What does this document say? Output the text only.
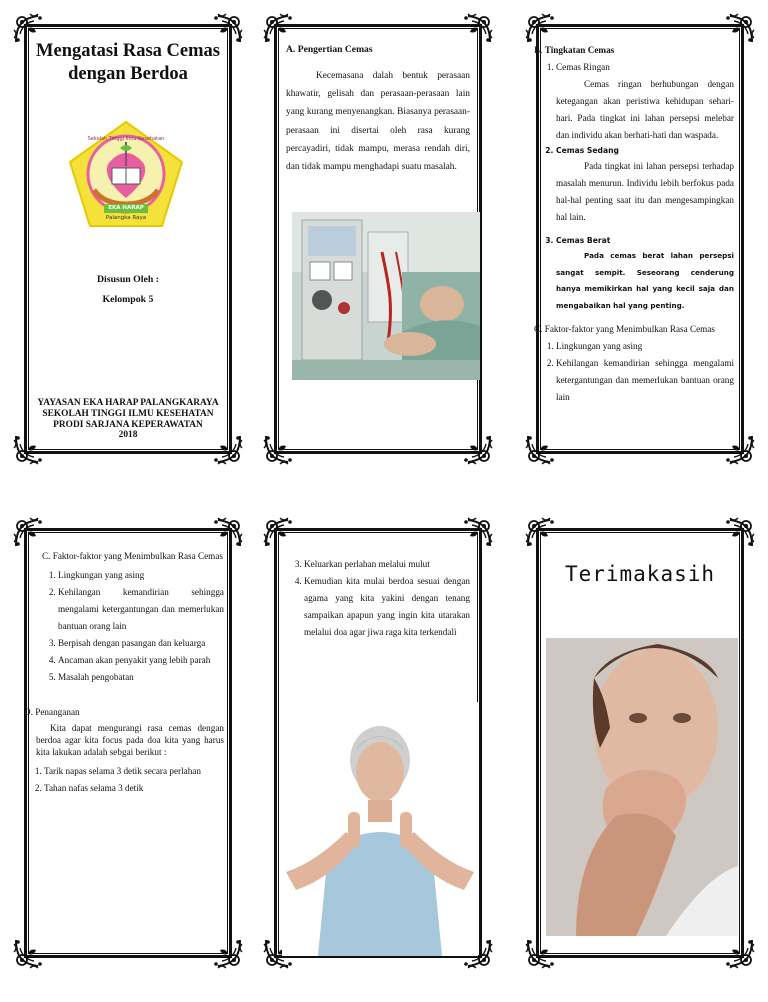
Mengatasi Rasa Cemas dengan Berdoa
EKA HARAP
Palangka Raya
Sekolah Tinggi Ilmu Kesehatan
Disusun Oleh :
Kelompok 5
YAYASAN EKA HARAP PALANGKARAYA
SEKOLAH TINGGI ILMU KESEHATAN
PRODI SARJANA KEPERAWATAN
2018
A. Pengertian Cemas
Kecemasana dalah bentuk perasaan khawatir, gelisah dan perasaan-perasaan lain yang kurang menyenangkan. Biasanya perasaan-perasaan ini disertai oleh rasa kurang percayadiri, tidak mampu, merasa rendah diri, dan tidak mampu menghadapi suatu masalah.
B. Tingkatan Cemas
1. Cemas Ringan
Cemas ringan berhubungan dengan ketegangan akan peristiwa kehidupan sehari-hari. Pada tingkat ini lahan persepsi melebar dan individu akan berhati-hati dan waspada.
2. Cemas Sedang
Pada tingkat ini lahan persepsi terhadap masalah menurun. Individu lebih berfokus pada hal-hal penting saat itu dan mengesampingkan hal lain.
3. Cemas Berat
Pada cemas berat lahan persepsi sangat sempit. Seseorang cenderung hanya memikirkan hal yang kecil saja dan mengabaikan hal yang penting.
C. Faktor-faktor yang Menimbulkan Rasa Cemas
1. Lingkungan yang asing
2. Kehilangan kemandirian sehingga mengalami ketergantungan dan memerlukan bantuan orang lain
C. Faktor-faktor yang Menimbulkan Rasa Cemas
1. Lingkungan yang asing
2. Kehilangan kemandirian sehingga mengalami ketergantungan dan memerlukan bantuan orang lain
3. Berpisah dengan pasangan dan keluarga
4. Ancaman akan penyakit yang lebih parah
5. Masalah pengobatan
D. Penanganan
Kita dapat mengurangi rasa cemas dengan berdoa agar kita focus pada doa kita yang harus kita lakukan adalah sebgai berikut :
1. Tarik napas selama 3 detik secara perlahan
2. Tahan nafas selama 3 detik
3. Keluarkan perlahan melalui mulut
4. Kemudian kita mulai berdoa sesuai dengan agama yang kita yakini dengan tenang sampaikan apapun yang ingin kita utarakan melalui doa agar jiwa raga kita terkendali
Terimakasih
